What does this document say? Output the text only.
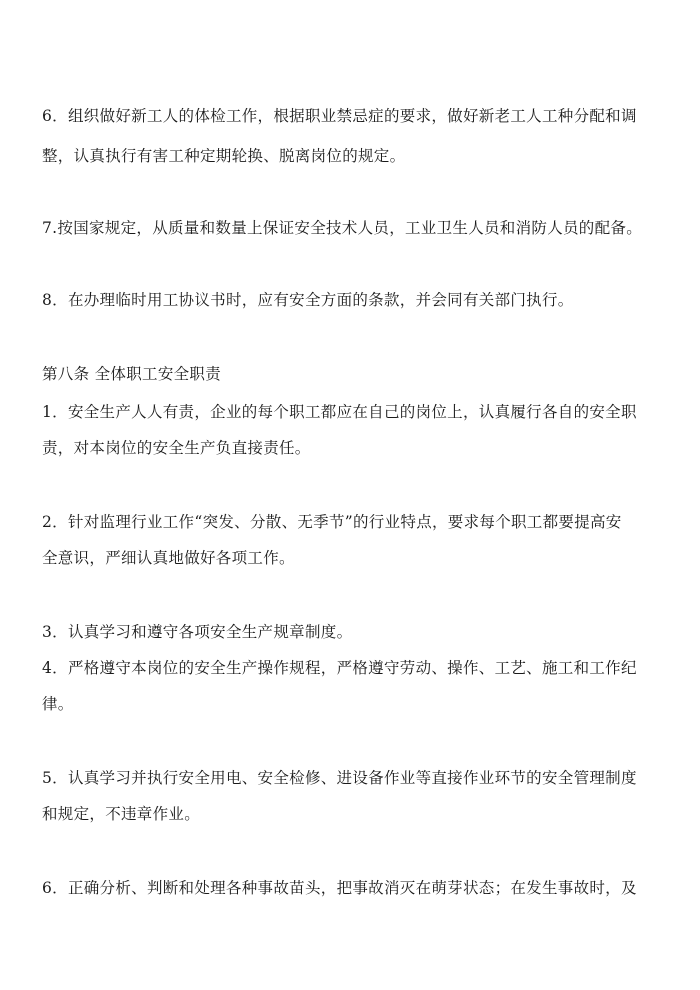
6．组织做好新工人的体检工作，根据职业禁忌症的要求，做好新老工人工种分配和调
整，认真执行有害工种定期轮换、脱离岗位的规定。
7.按国家规定，从质量和数量上保证安全技术人员，工业卫生人员和消防人员的配备。
8．在办理临时用工协议书时，应有安全方面的条款，并会同有关部门执行。
第八条 全体职工安全职责
1．安全生产人人有责，企业的每个职工都应在自己的岗位上，认真履行各自的安全职
责，对本岗位的安全生产负直接责任。
2．针对监理行业工作“突发、分散、无季节”的行业特点，要求每个职工都要提高安
全意识，严细认真地做好各项工作。
3．认真学习和遵守各项安全生产规章制度。
4．严格遵守本岗位的安全生产操作规程，严格遵守劳动、操作、工艺、施工和工作纪
律。
5．认真学习并执行安全用电、安全检修、进设备作业等直接作业环节的安全管理制度
和规定，不违章作业。
6．正确分析、判断和处理各种事故苗头，把事故消灭在萌芽状态；在发生事故时，及
